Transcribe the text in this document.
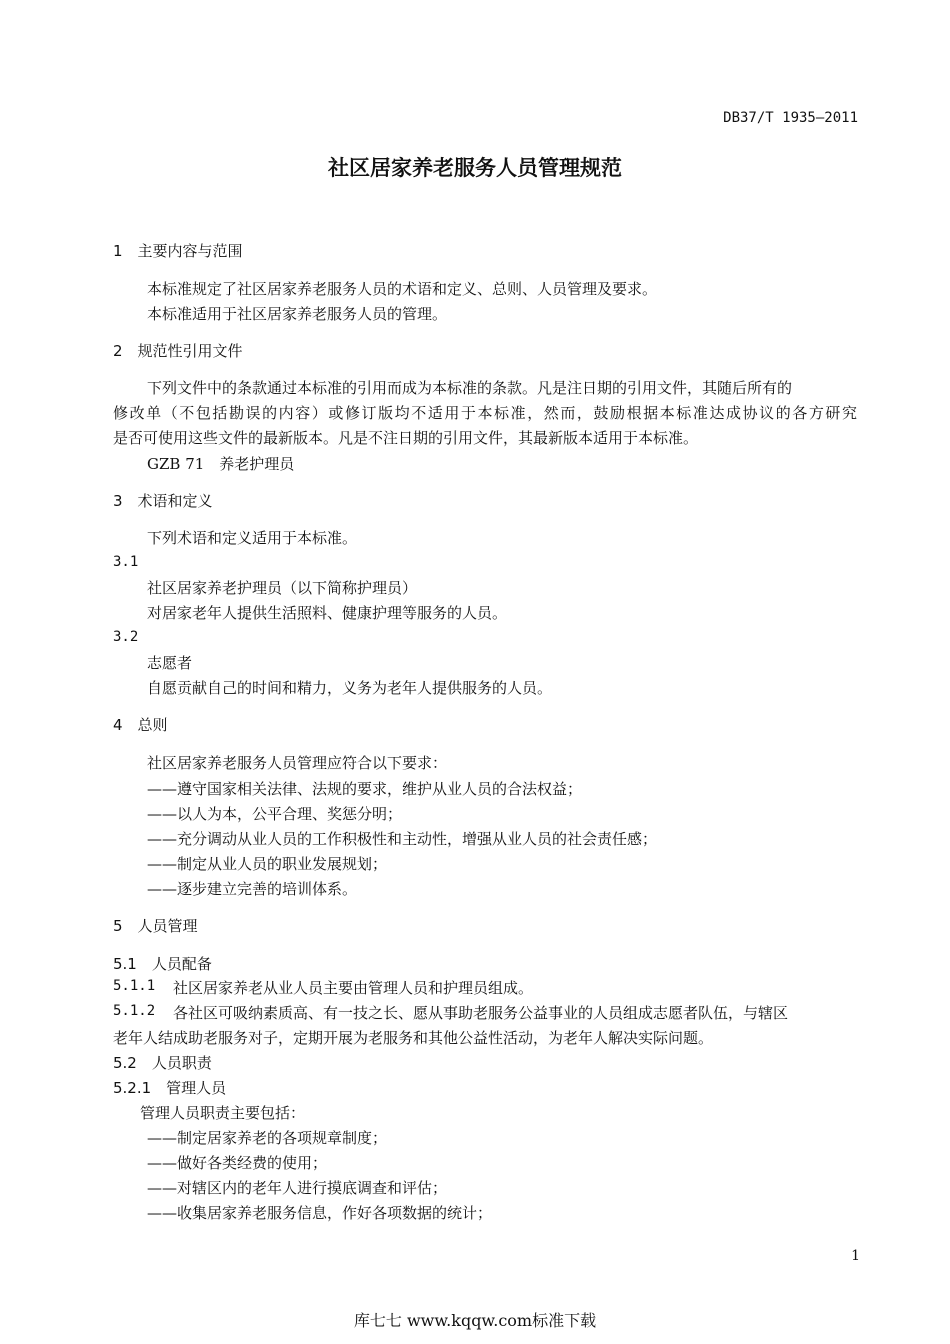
DB37/T 1935—2011
社区居家养老服务人员管理规范
1　主要内容与范围
本标准规定了社区居家养老服务人员的术语和定义、总则、人员管理及要求。
本标准适用于社区居家养老服务人员的管理。
2　规范性引用文件
下列文件中的条款通过本标准的引用而成为本标准的条款。凡是注日期的引用文件，其随后所有的
修改单（不包括勘误的内容）或修订版均不适用于本标准，然而，鼓励根据本标准达成协议的各方研究
是否可使用这些文件的最新版本。凡是不注日期的引用文件，其最新版本适用于本标准。
GZB 71　养老护理员
3　术语和定义
下列术语和定义适用于本标准。
3.1
社区居家养老护理员（以下简称护理员）
对居家老年人提供生活照料、健康护理等服务的人员。
3.2
志愿者
自愿贡献自己的时间和精力，义务为老年人提供服务的人员。
4　总则
社区居家养老服务人员管理应符合以下要求：
——遵守国家相关法律、法规的要求，维护从业人员的合法权益；
——以人为本，公平合理、奖惩分明；
——充分调动从业人员的工作积极性和主动性，增强从业人员的社会责任感；
——制定从业人员的职业发展规划；
——逐步建立完善的培训体系。
5　人员管理
5.1　人员配备
5.1.1 社区居家养老从业人员主要由管理人员和护理员组成。
5.1.2 各社区可吸纳素质高、有一技之长、愿从事助老服务公益事业的人员组成志愿者队伍，与辖区
老年人结成助老服务对子，定期开展为老服务和其他公益性活动，为老年人解决实际问题。
5.2　人员职责
5.2.1　管理人员
管理人员职责主要包括：
——制定居家养老的各项规章制度；
——做好各类经费的使用；
——对辖区内的老年人进行摸底调查和评估；
——收集居家养老服务信息，作好各项数据的统计；
1
库七七 www.kqqw.com标准下载
